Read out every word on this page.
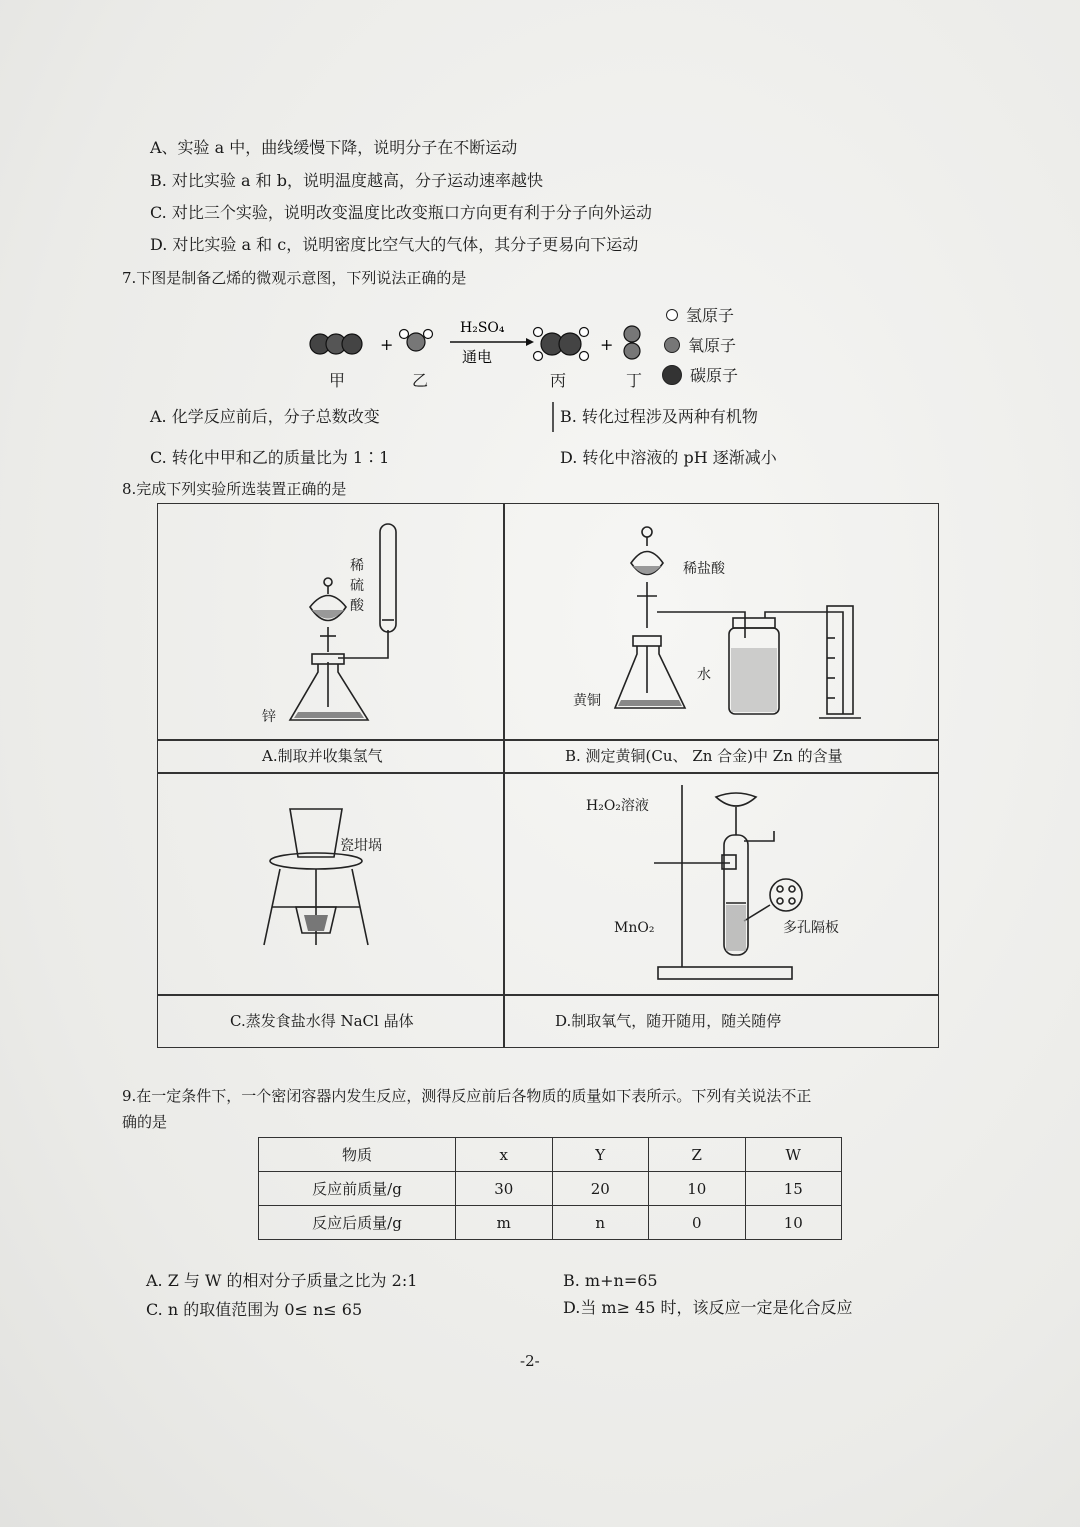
A、实验 a 中，曲线缓慢下降，说明分子在不断运动
B. 对比实验 a 和 b，说明温度越高，分子运动速率越快
C. 对比三个实验，说明改变温度比改变瓶口方向更有利于分子向外运动
D. 对比实验 a 和 c，说明密度比空气大的气体，其分子更易向下运动
7.下图是制备乙烯的微观示意图，下列说法正确的是
+
H₂SO₄
通电
+
甲	乙	丙	丁
氢原子
氧原子
碳原子
A. 化学反应前后，分子总数改变	B. 转化过程涉及两种有机物
C. 转化中甲和乙的质量比为 1∶1	D. 转化中溶液的 pH 逐渐减小
8.完成下列实验所选装置正确的是
稀
硫
酸
锌
稀盐酸
水
黄铜
A.制取并收集氢气	B. 测定黄铜(Cu、 Zn 合金)中 Zn 的含量
瓷坩埚
H₂O₂溶液
MnO₂	多孔隔板
C.蒸发食盐水得 NaCl 晶体	D.制取氧气，随开随用，随关随停
9.在一定条件下，一个密闭容器内发生反应，测得反应前后各物质的质量如下表所示。下列有关说法不正
确的是
物质	x	Y	Z	W
反应前质量/g	30	20	10	15
反应后质量/g	m	n	0	10
A. Z 与 W 的相对分子质量之比为 2:1	B. m+n=65
C. n 的取值范围为 0≤ n≤ 65	D.当 m≥ 45 时，该反应一定是化合反应
-2-
